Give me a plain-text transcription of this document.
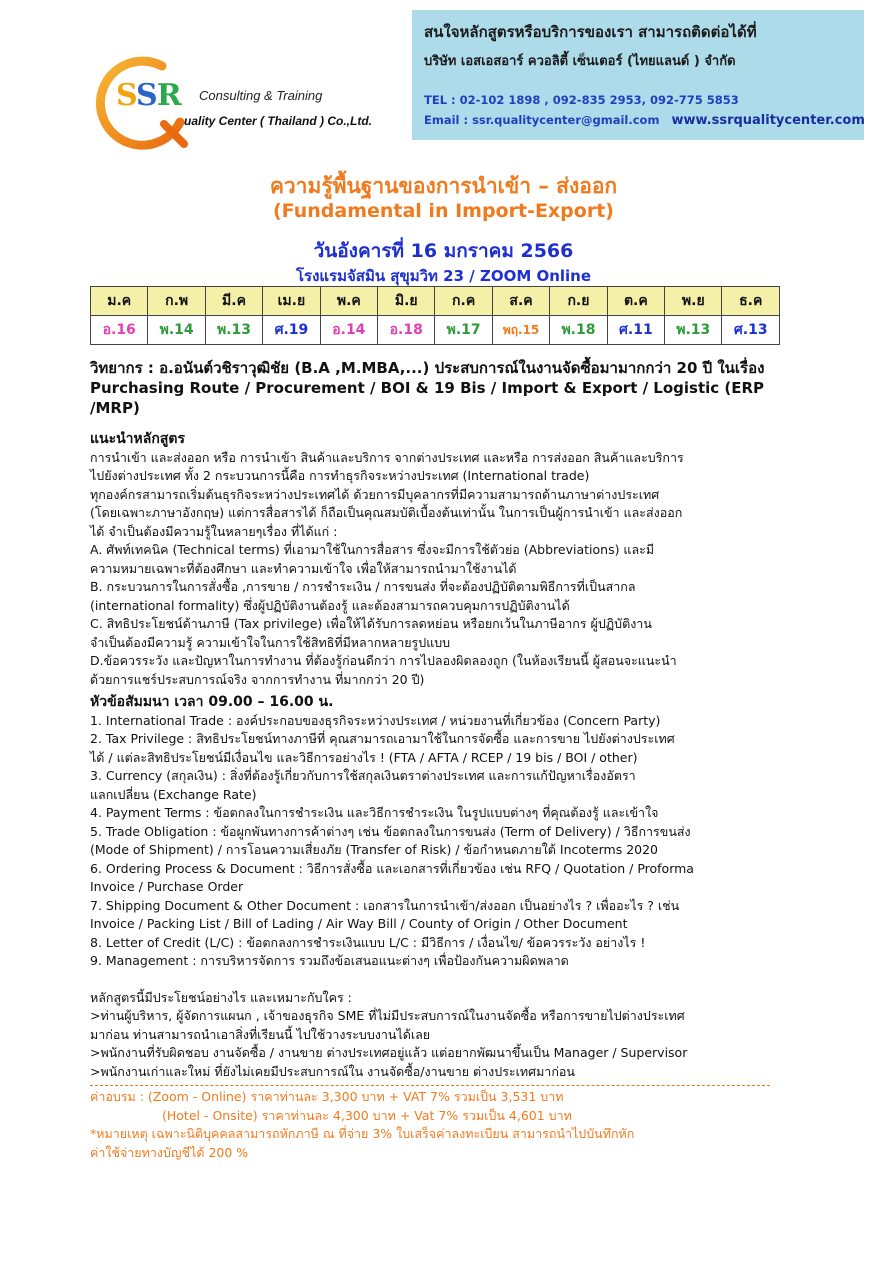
SSR Consulting & Training
uality Center ( Thailand ) Co.,Ltd.
สนใจหลักสูตรหรือบริการของเรา สามารถติดต่อได้ที่
บริษัท เอสเอสอาร์ ควอลิตี้ เซ็นเตอร์ (ไทยแลนด์ ) จำกัด
TEL : 02-102 1898 , 092-835 2953, 092-775 5853
Email : ssr.qualitycenter@gmail.com www.ssrqualitycenter.com
ความรู้พื้นฐานของการนำเข้า – ส่งออก
(Fundamental in Import-Export)
วันอังคารที่ 16 มกราคม 2566
โรงแรมจัสมิน สุขุมวิท 23 / ZOOM Online
ม.ค	ก.พ	มี.ค	เม.ย	พ.ค	มิ.ย	ก.ค	ส.ค	ก.ย	ต.ค	พ.ย	ธ.ค
อ.16	พ.14	พ.13	ศ.19	อ.14	อ.18	พ.17	พฤ.15	พ.18	ศ.11	พ.13	ศ.13
วิทยากร : อ.อนันต์วชิราวุฒิชัย (B.A ,M.MBA,...) ประสบการณ์ในงานจัดซื้อมามากกว่า 20 ปี ในเรื่อง Purchasing Route / Procurement / BOI & 19 Bis / Import & Export / Logistic (ERP /MRP)

แนะนำหลักสูตร

การนำเข้า และส่งออก หรือ การนำเข้า สินค้าและบริการ จากต่างประเทศ และหรือ การส่งออก สินค้าและบริการ

ไปยังต่างประเทศ ทั้ง 2 กระบวนการนี้คือ การทำธุรกิจระหว่างประเทศ (International trade)

ทุกองค์กรสามารถเริ่มต้นธุรกิจระหว่างประเทศได้ ด้วยการมีบุคลากรที่มีความสามารถด้านภาษาต่างประเทศ

(โดยเฉพาะภาษาอังกฤษ) แต่การสื่อสารได้ ก็ถือเป็นคุณสมบัติเบื้องต้นเท่านั้น ในการเป็นผู้การนำเข้า และส่งออก

ได้ จำเป็นต้องมีความรู้ในหลายๆเรื่อง ที่ได้แก่ :

A. ศัพท์เทคนิค (Technical terms) ที่เอามาใช้ในการสื่อสาร ซึ่งจะมีการใช้ตัวย่อ (Abbreviations) และมี

ความหมายเฉพาะที่ต้องศึกษา และทำความเข้าใจ เพื่อให้สามารถนำมาใช้งานได้

B. กระบวนการในการสั่งซื้อ ,การขาย / การชำระเงิน / การขนส่ง ที่จะต้องปฏิบัติตามพิธีการที่เป็นสากล

(international formality) ซึ่งผู้ปฏิบัติงานต้องรู้ และต้องสามารถควบคุมการปฏิบัติงานได้

C. สิทธิประโยชน์ด้านภาษี (Tax privilege) เพื่อให้ได้รับการลดหย่อน หรือยกเว้นในภาษีอากร ผู้ปฏิบัติงาน

จำเป็นต้องมีความรู้ ความเข้าใจในการใช้สิทธิที่มีหลากหลายรูปแบบ

D.ข้อควรระวัง และปัญหาในการทำงาน ที่ต้องรู้ก่อนดีกว่า การไปลองผิดลองถูก (ในห้องเรียนนี้ ผู้สอนจะแนะนำ

ด้วยการแชร์ประสบการณ์จริง จากการทำงาน ที่มากกว่า 20 ปี)

หัวข้อสัมมนา เวลา 09.00 – 16.00 น.

1. International Trade : องค์ประกอบของธุรกิจระหว่างประเทศ / หน่วยงานที่เกี่ยวข้อง (Concern Party)

2. Tax Privilege : สิทธิประโยชน์ทางภาษีที่ คุณสามารถเอามาใช้ในการจัดซื้อ และการขาย ไปยังต่างประเทศ

ได้ / แต่ละสิทธิประโยชน์มีเงื่อนไข และวิธีการอย่างไร ! (FTA / AFTA / RCEP / 19 bis / BOI / other)

3. Currency (สกุลเงิน) : สิ่งที่ต้องรู้เกี่ยวกับการใช้สกุลเงินตราต่างประเทศ และการแก้ปัญหาเรื่องอัตรา

แลกเปลี่ยน (Exchange Rate)

4. Payment Terms : ข้อตกลงในการชำระเงิน และวิธีการชำระเงิน ในรูปแบบต่างๆ ที่คุณต้องรู้ และเข้าใจ

5. Trade Obligation : ข้อผูกพันทางการค้าต่างๆ เช่น ข้อตกลงในการขนส่ง (Term of Delivery) / วิธีการขนส่ง

(Mode of Shipment) / การโอนความเสี่ยงภัย (Transfer of Risk) / ข้อกำหนดภายใต้ Incoterms 2020

6. Ordering Process & Document : วิธีการสั่งซื้อ และเอกสารที่เกี่ยวข้อง เช่น RFQ / Quotation / Proforma

Invoice / Purchase Order

7. Shipping Document & Other Document : เอกสารในการนำเข้า/ส่งออก เป็นอย่างไร ? เพื่ออะไร ? เช่น

Invoice / Packing List / Bill of Lading / Air Way Bill / County of Origin / Other Document

8. Letter of Credit (L/C) : ข้อตกลงการชำระเงินแบบ L/C : มีวิธีการ / เงื่อนไข/ ข้อควรระวัง อย่างไร !

9. Management : การบริหารจัดการ รวมถึงข้อเสนอแนะต่างๆ เพื่อป้องกันความผิดพลาด

หลักสูตรนี้มีประโยชน์อย่างไร และเหมาะกับใคร :

>ท่านผู้บริหาร, ผู้จัดการแผนก , เจ้าของธุรกิจ SME ที่ไม่มีประสบการณ์ในงานจัดซื้อ หรือการขายไปต่างประเทศ

มาก่อน ท่านสามารถนำเอาสิ่งที่เรียนนี้ ไปใช้วางระบบงานได้เลย

>พนักงานที่รับผิดชอบ งานจัดซื้อ / งานขาย ต่างประเทศอยู่แล้ว แต่อยากพัฒนาขึ้นเป็น Manager / Supervisor

>พนักงานเก่าและใหม่ ที่ยังไม่เคยมีประสบการณ์ใน งานจัดซื้อ/งานขาย ต่างประเทศมาก่อน

ค่าอบรม : (Zoom - Online) ราคาท่านละ 3,300 บาท + VAT 7% รวมเป็น 3,531 บาท

(Hotel - Onsite) ราคาท่านละ 4,300 บาท + Vat 7% รวมเป็น 4,601 บาท

*หมายเหตุ เฉพาะนิติบุคคลสามารถหักภาษี ณ ที่จ่าย 3% ใบเสร็จค่าลงทะเบียน สามารถนำไปบันทึกหัก

ค่าใช้จ่ายทางบัญชีได้ 200 %
